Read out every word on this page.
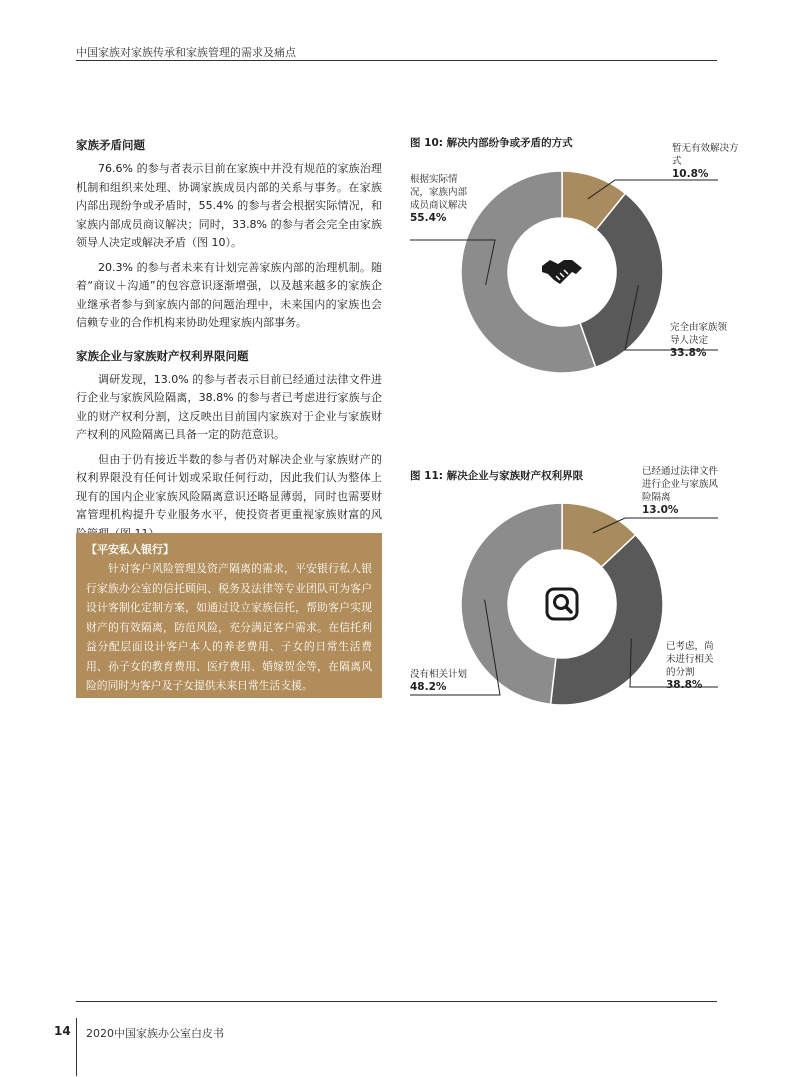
中国家族对家族传承和家族管理的需求及痛点
家族矛盾问题

76.6% 的参与者表示目前在家族中并没有规范的家族治理机制和组织来处理、协调家族成员内部的关系与事务。在家族内部出现纷争或矛盾时，55.4% 的参与者会根据实际情况，和家族内部成员商议解决；同时，33.8% 的参与者会完全由家族领导人决定或解决矛盾（图 10）。

20.3% 的参与者未来有计划完善家族内部的治理机制。随着“商议＋沟通”的包容意识逐渐增强，以及越来越多的家族企业继承者参与到家族内部的问题治理中，未来国内的家族也会信赖专业的合作机构来协助处理家族内部事务。

家族企业与家族财产权利界限问题

调研发现，13.0% 的参与者表示目前已经通过法律文件进行企业与家族风险隔离，38.8% 的参与者已考虑进行家族与企业的财产权利分割，这反映出目前国内家族对于企业与家族财产权利的风险隔离已具备一定的防范意识。

但由于仍有接近半数的参与者仍对解决企业与家族财产的权利界限没有任何计划或采取任何行动，因此我们认为整体上现有的国内企业家族风险隔离意识还略显薄弱，同时也需要财富管理机构提升专业服务水平，使投资者更重视家族财富的风

【平安私人银行】

针对客户风险管理及资产隔离的需求，平安银行私人银行家族办公室的信托顾问、税务及法律等专业团队可为客户设计客制化定制方案，如通过设立家族信托，帮助客户实现财产的有效隔离，防范风险，充分满足客户需求。在信托利益分配层面设计客户本人的养老费用、子女的日常生活费用、孙子女的教育费用、医疗费用、婚嫁贺金等，在隔离风险的同时为客户及子女提供未来日常生活支援。

图 10: 解决内部纷争或矛盾的方式	暂无有效解决方式
10.8%
根据实际情况，家族内部成员商议解决
55.4%
完全由家族领导人决定
33.8%
图 11: 解决企业与家族财产权利界限	已经通过法律文件进行企业与家族风险隔离
13.0%
已考虑，尚未进行相关的分割
38.8%
没有相关计划
48.2%
14 2020中国家族办公室白皮书
